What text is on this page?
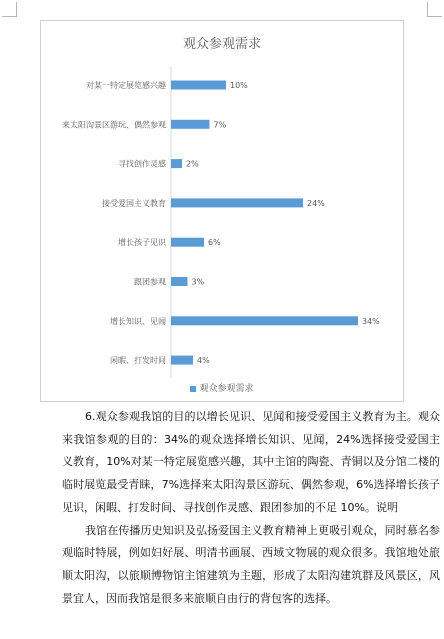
观众参观需求
对某一特定展览感兴趣	10%
来太阳沟景区游玩、偶然参观	7%
寻找创作灵感	2%
接受爱国主义教育	24%
增长孩子见识	6%
跟团参观	3%
增长知识、见闻	34%
闲暇、打发时间	4%
观众参观需求

6.观众参观我馆的目的以增长见识、见闻和接受爱国主义教育为主。观众来我馆参观的目的：34%的观众选择增长知识、见闻，24%选择接受爱国主义教育，10%对某一特定展览感兴趣，其中主馆的陶瓷、青铜以及分馆二楼的临时展览最受青睐，7%选择来太阳沟景区游玩、偶然参观，6%选择增长孩子见识，闲暇、打发时间、寻找创作灵感、跟团参加的不足 10%。说明

我馆在传播历史知识及弘扬爱国主义教育精神上更吸引观众，同时慕名参观临时特展，例如妇好展、明清书画展、西域文物展的观众很多。我馆地处旅顺太阳沟，以旅顺博物馆主馆建筑为主题，形成了太阳沟建筑群及风景区，风景宜人，因而我馆是很多来旅顺自由行的背包客的选择。
